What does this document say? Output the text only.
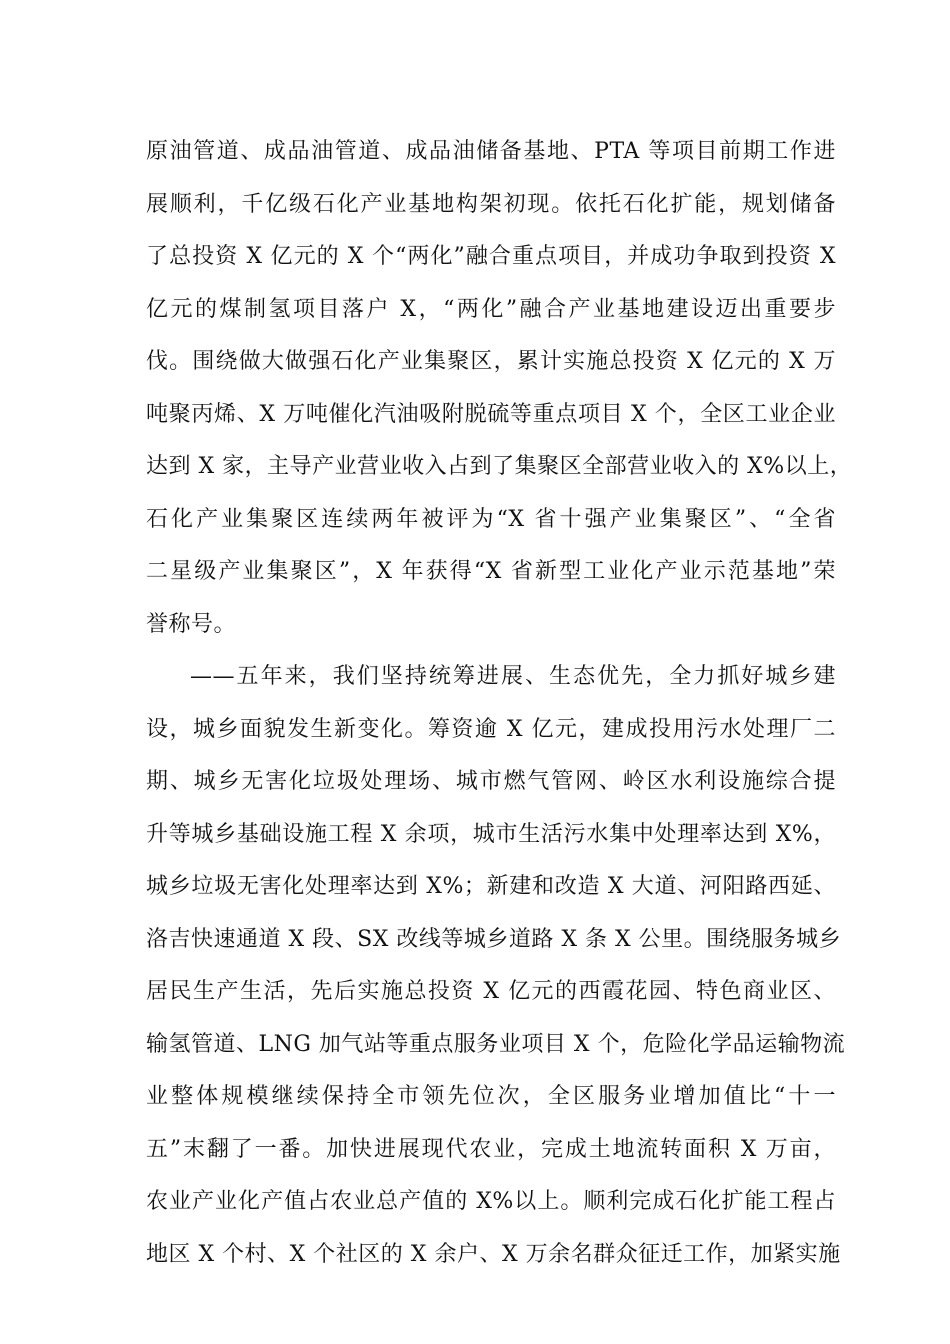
原油管道、成品油管道、成品油储备基地、PTA 等项目前期工作进
展顺利，千亿级石化产业基地构架初现。依托石化扩能，规划储备
了总投资 X 亿元的 X 个“两化”融合重点项目，并成功争取到投资 X
亿元的煤制氢项目落户 X，“两化”融合产业基地建设迈出重要步
伐。围绕做大做强石化产业集聚区，累计实施总投资 X 亿元的 X 万
吨聚丙烯、X 万吨催化汽油吸附脱硫等重点项目 X 个，全区工业企业
达到 X 家，主导产业营业收入占到了集聚区全部营业收入的 X%以上，
石化产业集聚区连续两年被评为“X 省十强产业集聚区”、“全省
二星级产业集聚区”，X 年获得“X 省新型工业化产业示范基地”荣
誉称号。
——五年来，我们坚持统筹进展、生态优先，全力抓好城乡建
设，城乡面貌发生新变化。筹资逾 X 亿元，建成投用污水处理厂二
期、城乡无害化垃圾处理场、城市燃气管网、岭区水利设施综合提
升等城乡基础设施工程 X 余项，城市生活污水集中处理率达到 X%，
城乡垃圾无害化处理率达到 X%；新建和改造 X 大道、河阳路西延、
洛吉快速通道 X 段、SX 改线等城乡道路 X 条 X 公里。围绕服务城乡
居民生产生活，先后实施总投资 X 亿元的西霞花园、特色商业区、
输氢管道、LNG 加气站等重点服务业项目 X 个，危险化学品运输物流
业整体规模继续保持全市领先位次，全区服务业增加值比“十一
五”末翻了一番。加快进展现代农业，完成土地流转面积 X 万亩，
农业产业化产值占农业总产值的 X%以上。顺利完成石化扩能工程占
地区 X 个村、X 个社区的 X 余户、X 万余名群众征迁工作，加紧实施
